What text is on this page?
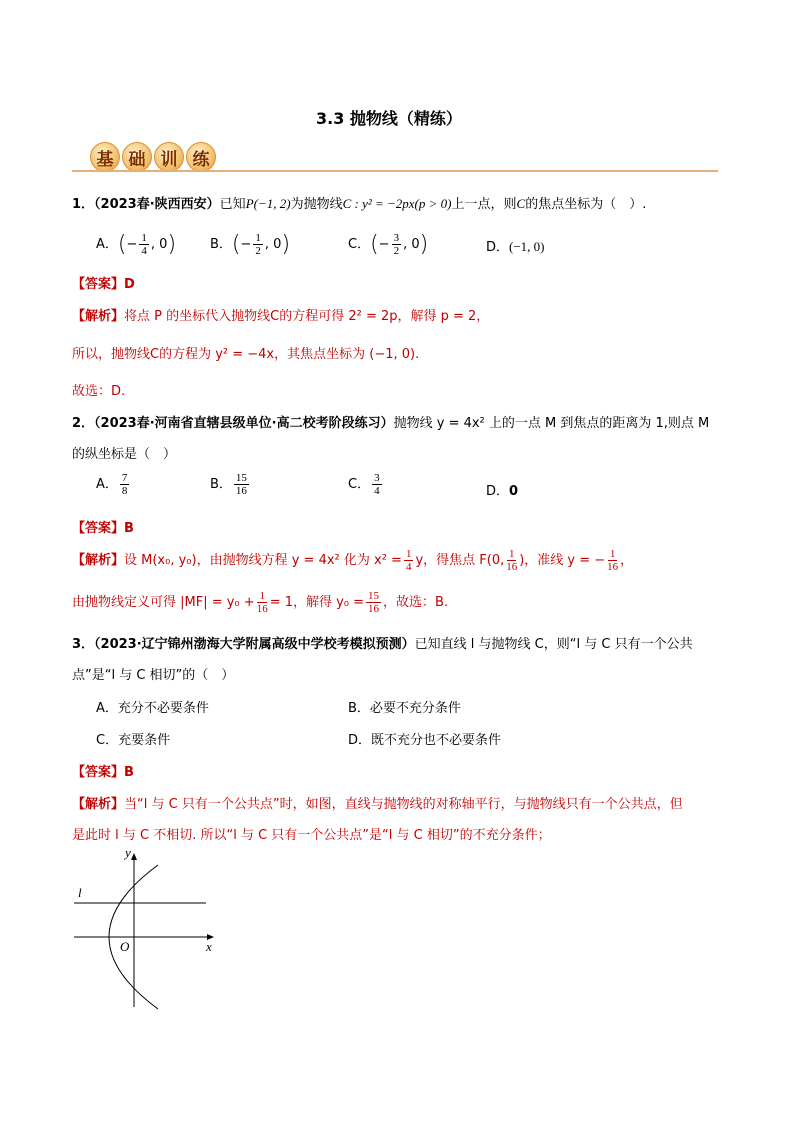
3.3 抛物线（精练）
基 础 训 练
1．（2023春·陕西西安）已知P(−1, 2)为抛物线C : y² = −2px(p > 0)上一点，则C的焦点坐标为（　）.
A．(− $\frac{1}{4}$ , 0)	B．(− $\frac{1}{2}$ , 0)	C．(− $\frac{3}{2}$ , 0)	D．(−1, 0)
【答案】D
【解析】将点 P 的坐标代入抛物线C的方程可得 2² = 2p，解得 p = 2，
所以，抛物线C的方程为 y² = −4x，其焦点坐标为 (−1, 0).
故选：D.
2．（2023春·河南省直辖县级单位·高二校考阶段练习）抛物线 y = 4x² 上的一点 M 到焦点的距离为 1,则点 M
的纵坐标是（　）
A． $\frac{7}{8}$	B． $\frac{15}{16}$	C． $\frac{3}{4}$	D．0
【答案】B
【解析】设 M(x₀, y₀)，由抛物线方程 y = 4x² 化为 $x^2 = \frac{1}{4}$ y，得焦点 F(0, $\frac{1}{16}$ )，准线 y = − $\frac{1}{16}$ ，
由抛物线定义可得 $|MF| = y_0 + \frac{1}{16} = 1$，解得 $y_0 = \frac{15}{16}$ ，故选：B.
3．（2023·辽宁锦州渤海大学附属高级中学校考模拟预测）已知直线 l 与抛物线 C，则“l 与 C 只有一个公共
点”是“l 与 C 相切”的（　）
A．充分不必要条件	B．必要不充分条件
C．充要条件	D．既不充分也不必要条件
【答案】B
【解析】当“l 与 C 只有一个公共点”时，如图，直线与抛物线的对称轴平行，与抛物线只有一个公共点，但
是此时 l 与 C 不相切. 所以“l 与 C 只有一个公共点”是“l 与 C 相切”的不充分条件；
y
x
O
l
